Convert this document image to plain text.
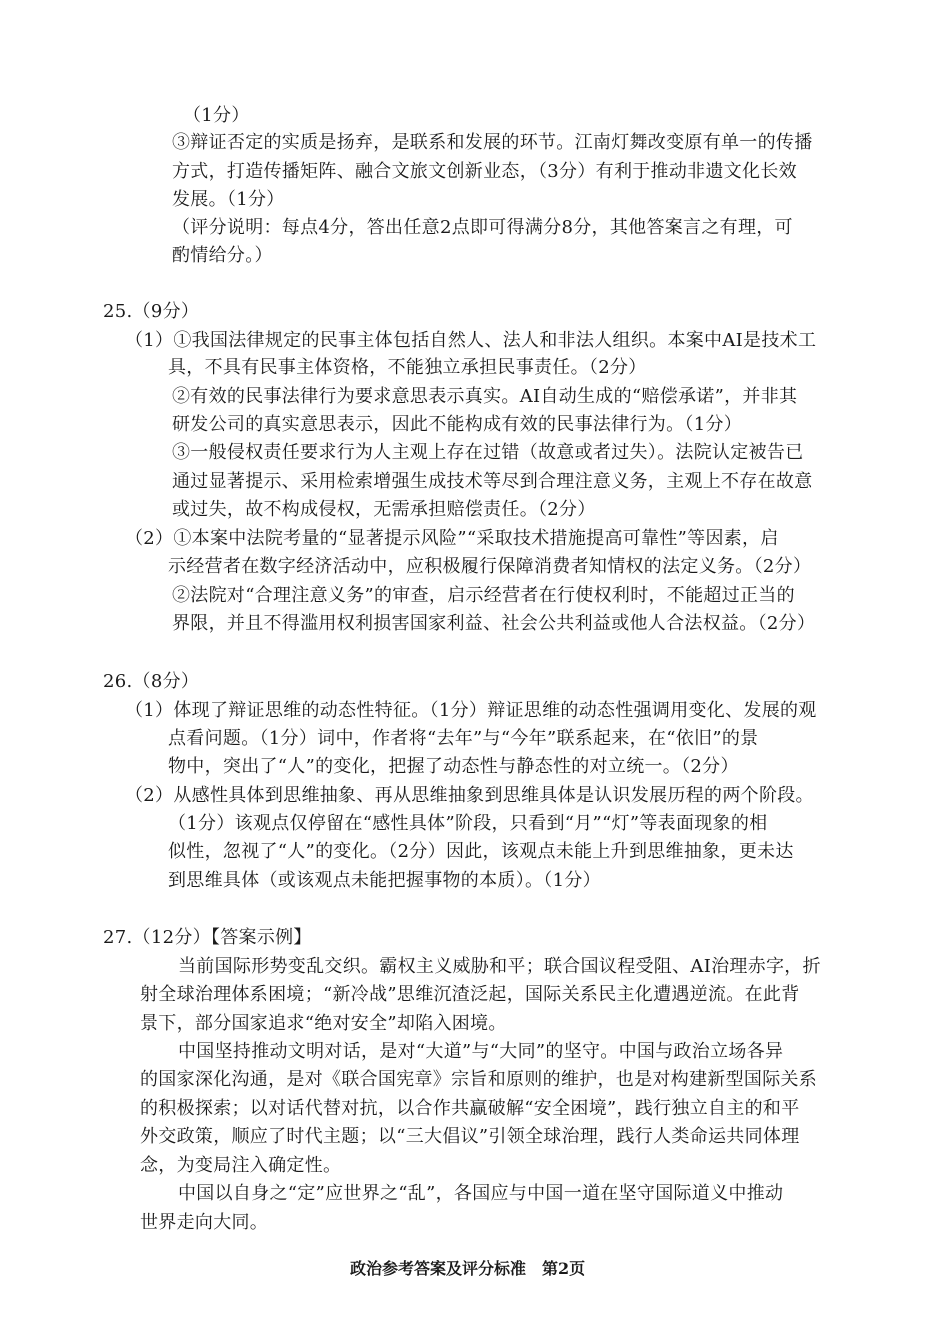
（1分）
③辩证否定的实质是扬弃，是联系和发展的环节。江南灯舞改变原有单一的传播
方式，打造传播矩阵、融合文旅文创新业态，（3分）有利于推动非遗文化长效
发展。（1分）
（评分说明：每点4分，答出任意2点即可得满分8分，其他答案言之有理，可
酌情给分。）
25.（9分）
（1）①我国法律规定的民事主体包括自然人、法人和非法人组织。本案中AI是技术工
具，不具有民事主体资格，不能独立承担民事责任。（2分）
②有效的民事法律行为要求意思表示真实。AI自动生成的“赔偿承诺”，并非其
研发公司的真实意思表示，因此不能构成有效的民事法律行为。（1分）
③一般侵权责任要求行为人主观上存在过错（故意或者过失）。法院认定被告已
通过显著提示、采用检索增强生成技术等尽到合理注意义务，主观上不存在故意
或过失，故不构成侵权，无需承担赔偿责任。（2分）
（2）①本案中法院考量的“显著提示风险”“采取技术措施提高可靠性”等因素，启
示经营者在数字经济活动中，应积极履行保障消费者知情权的法定义务。（2分）
②法院对“合理注意义务”的审查，启示经营者在行使权利时，不能超过正当的
界限，并且不得滥用权利损害国家利益、社会公共利益或他人合法权益。（2分）
26.（8分）
（1）体现了辩证思维的动态性特征。（1分）辩证思维的动态性强调用变化、发展的观
点看问题。（1分）词中，作者将“去年”与“今年”联系起来，在“依旧”的景
物中，突出了“人”的变化，把握了动态性与静态性的对立统一。（2分）
（2）从感性具体到思维抽象、再从思维抽象到思维具体是认识发展历程的两个阶段。
（1分）该观点仅停留在“感性具体”阶段，只看到“月”“灯”等表面现象的相
似性，忽视了“人”的变化。（2分）因此，该观点未能上升到思维抽象，更未达
到思维具体（或该观点未能把握事物的本质）。（1分）
27.（12分）【答案示例】
当前国际形势变乱交织。霸权主义威胁和平；联合国议程受阻、AI治理赤字，折
射全球治理体系困境；“新冷战”思维沉渣泛起，国际关系民主化遭遇逆流。在此背
景下，部分国家追求“绝对安全”却陷入困境。
中国坚持推动文明对话，是对“大道”与“大同”的坚守。中国与政治立场各异
的国家深化沟通，是对《联合国宪章》宗旨和原则的维护，也是对构建新型国际关系
的积极探索；以对话代替对抗，以合作共赢破解“安全困境”，践行独立自主的和平
外交政策，顺应了时代主题；以“三大倡议”引领全球治理，践行人类命运共同体理
念，为变局注入确定性。
中国以自身之“定”应世界之“乱”，各国应与中国一道在坚守国际道义中推动
世界走向大同。
政治参考答案及评分标准　第2页
